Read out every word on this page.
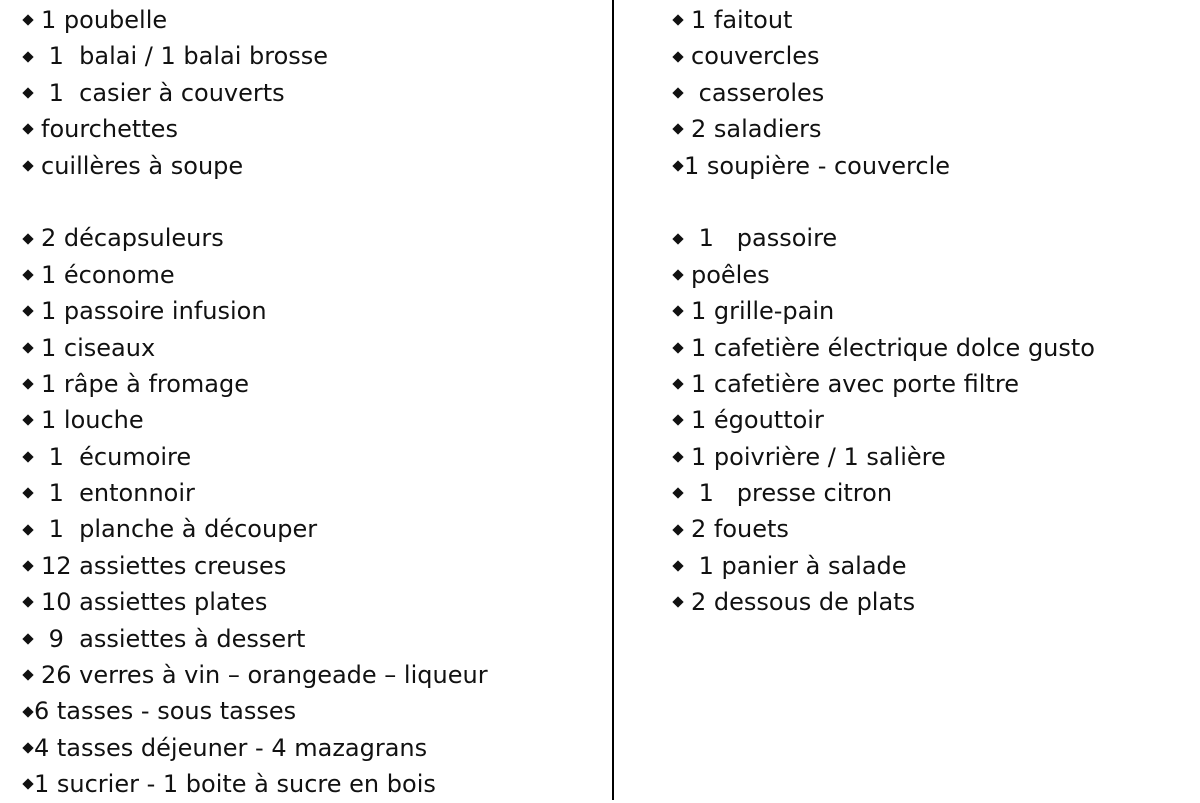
1 poubelle
1  balai / 1 balai brosse
1  casier à couverts
fourchettes
cuillères à soupe
2 décapsuleurs
1 économe
1 passoire infusion
1 ciseaux
1 râpe à fromage
1 louche
1  écumoire
1  entonnoir
1  planche à découper
12 assiettes creuses
10 assiettes plates
9  assiettes à dessert
26 verres à vin – orangeade – liqueur
6 tasses - sous tasses
4 tasses déjeuner - 4 mazagrans
1 sucrier - 1 boite à sucre en bois
1 faitout
couvercles
casseroles
2 saladiers
1 soupière - couvercle
1   passoire
poêles
1 grille-pain
1 cafetière électrique dolce gusto
1 cafetière avec porte filtre
1 égouttoir
1 poivrière / 1 salière
1   presse citron
2 fouets
1 panier à salade
2 dessous de plats
